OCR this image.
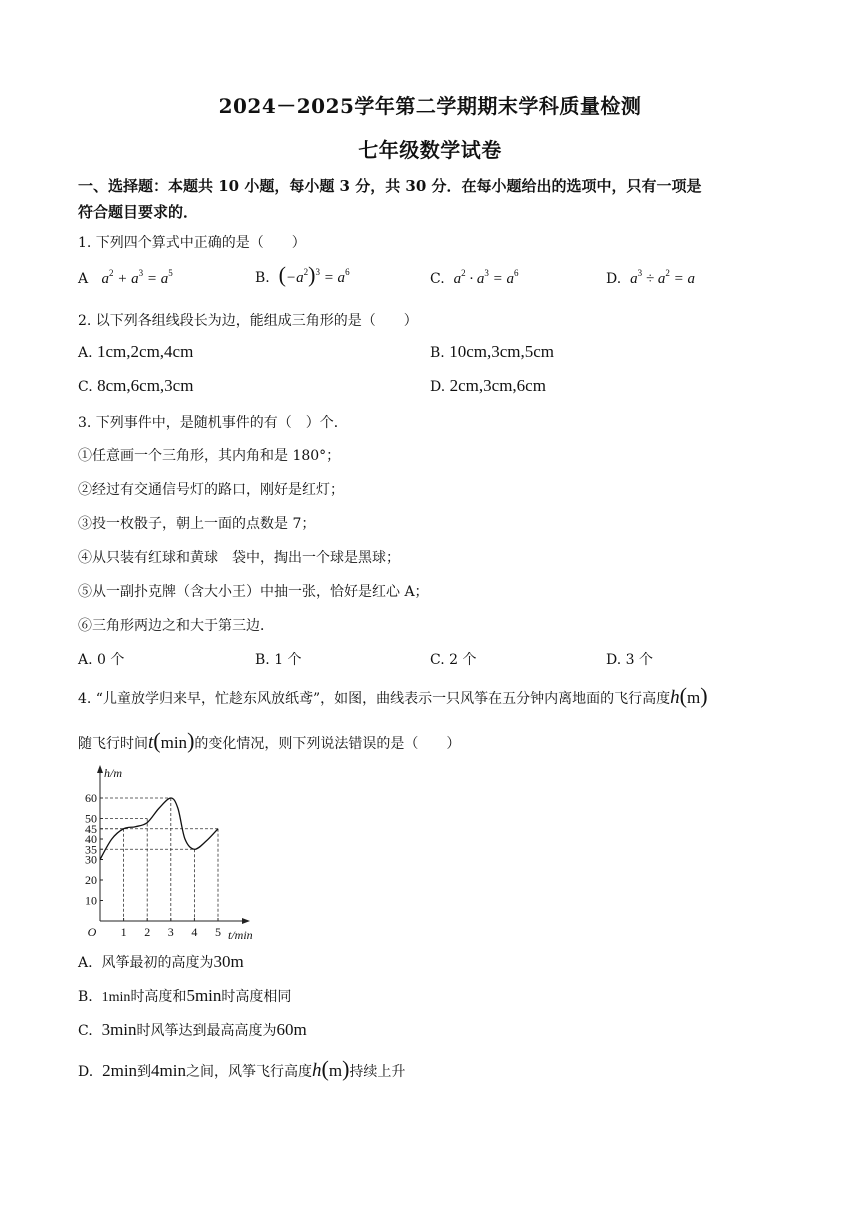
2024－2025学年第二学期期末学科质量检测
七年级数学试卷
一、选择题：本题共 10 小题，每小题 3 分，共 30 分．在每小题给出的选项中，只有一项是
符合题目要求的．
1. 下列四个算式中正确的是（　　）
A $a^2 + a^3 = a^5$	B. $(-a^2)^3 = a^6$	C. $a^2 \cdot a^3 = a^6$	D. $a^3 \div a^2 = a$
2. 以下列各组线段长为边，能组成三角形的是（　　）
A. 1cm,2cm,4cm	B. 10cm,3cm,5cm
C. 8cm,6cm,3cm	D. 2cm,3cm,6cm
3. 下列事件中，是随机事件的有（　）个．
①任意画一个三角形，其内角和是 180°；
②经过有交通信号灯的路口，刚好是红灯；
③投一枚骰子，朝上一面的点数是 7；
④从只装有红球和黄球　袋中，掏出一个球是黑球；
⑤从一副扑克牌（含大小王）中抽一张，恰好是红心 A；
⑥三角形两边之和大于第三边．
A. 0 个	B. 1 个	C. 2 个	D. 3 个
4. “儿童放学归来早，忙趁东风放纸鸢”，如图，曲线表示一只风筝在五分钟内离地面的飞行高度h(m)
随飞行时间t(min)的变化情况，则下列说法错误的是（　　）
10
20
30
35
40
45
50
60
1 2 3 4 5
O	t/min
h/m
A. 风筝最初的高度为30m
B. 1min时高度和5min时高度相同
C. 3min时风筝达到最高高度为60m
D. 2min到4min之间，风筝飞行高度h(m)持续上升
